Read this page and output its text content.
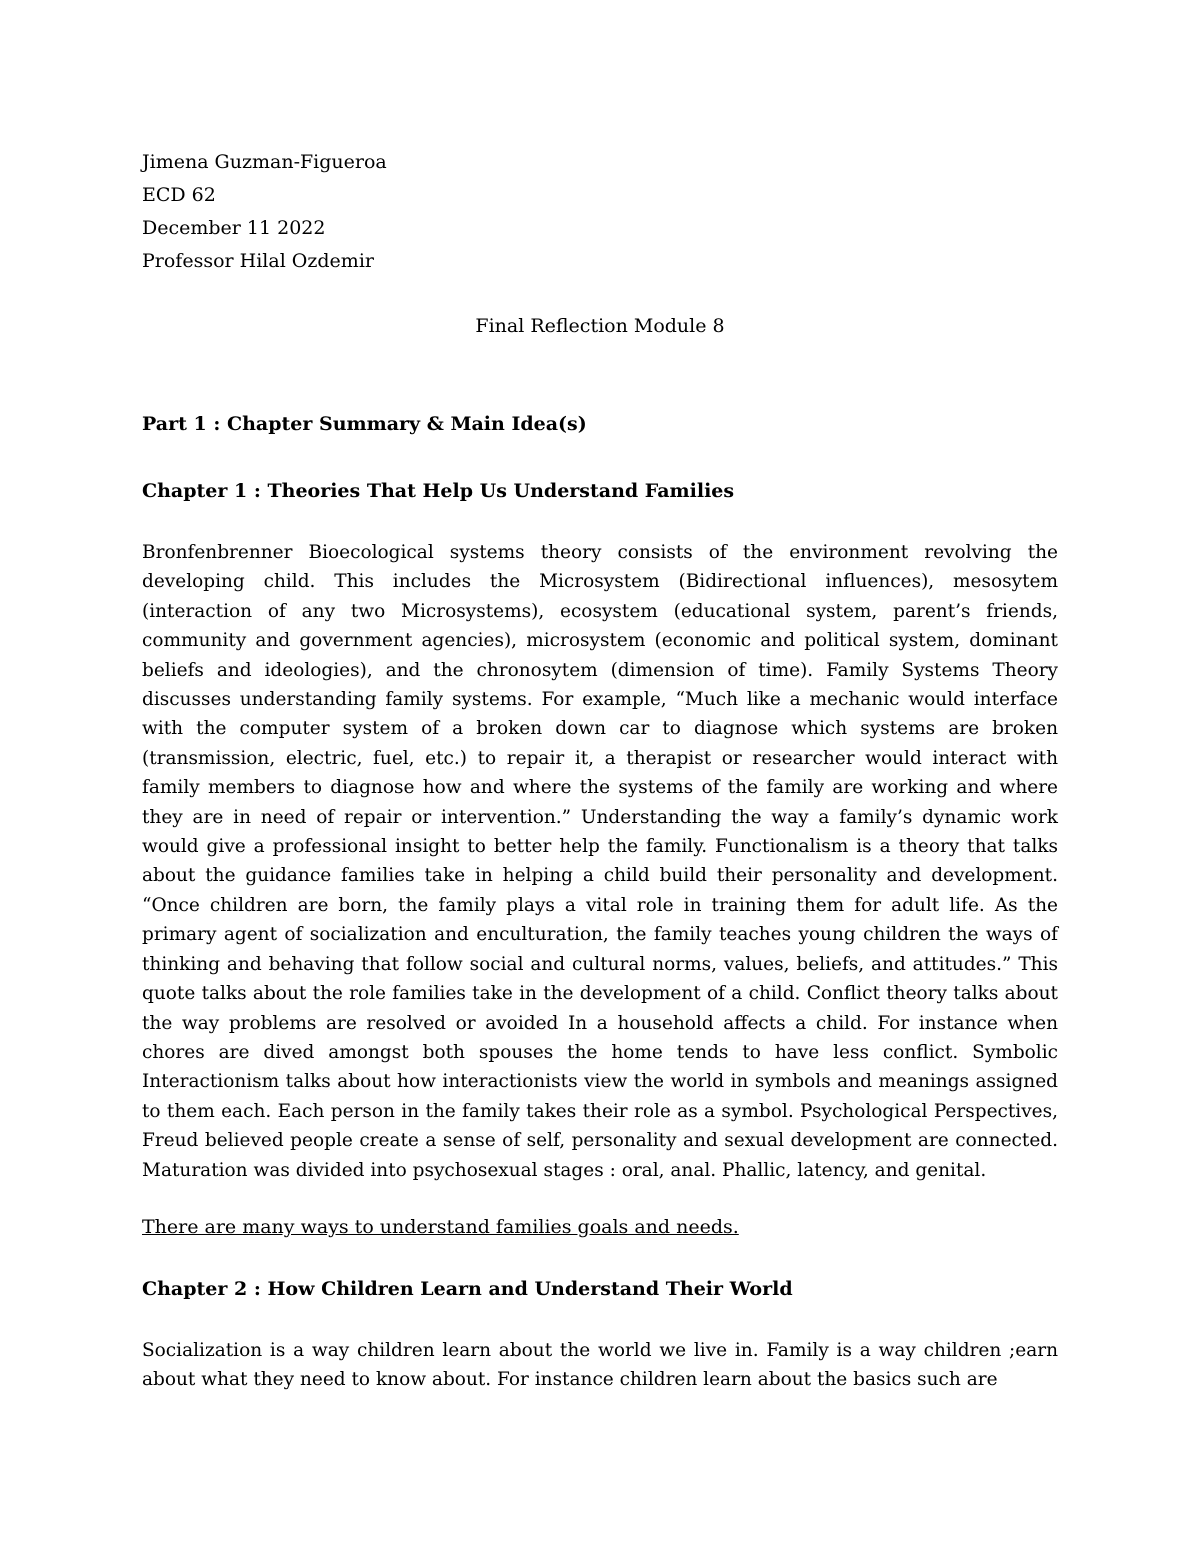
Jimena Guzman-Figueroa
ECD 62
December 11 2022
Professor Hilal Ozdemir
Final Reflection Module 8
Part 1 : Chapter Summary & Main Idea(s)
Chapter 1 : Theories That Help Us Understand Families

Bronfenbrenner Bioecological systems theory consists of the environment revolving the developing child. This includes the Microsystem (Bidirectional influences), mesosytem (interaction of any two Microsystems), ecosystem (educational system, parent’s friends, community and government agencies), microsystem (economic and political system, dominant beliefs and ideologies), and the chronosytem (dimension of time). Family Systems Theory discusses understanding family systems. For example, “Much like a mechanic would interface with the computer system of a broken down car to diagnose which systems are broken (transmission, electric, fuel, etc.) to repair it, a therapist or researcher would interact with family members to diagnose how and where the systems of the family are working and where they are in need of repair or intervention.” Understanding the way a family’s dynamic work would give a professional insight to better help the family. Functionalism is a theory that talks about the guidance families take in helping a child build their personality and development. “Once children are born, the family plays a vital role in training them for adult life. As the primary agent of socialization and enculturation, the family teaches young children the ways of thinking and behaving that follow social and cultural norms, values, beliefs, and attitudes.” This quote talks about the role families take in the development of a child. Conflict theory talks about the way problems are resolved or avoided In a household affects a child. For instance when chores are dived amongst both spouses the home tends to have less conflict. Symbolic Interactionism talks about how interactionists view the world in symbols and meanings assigned to them each. Each person in the family takes their role as a symbol. Psychological Perspectives, Freud believed people create a sense of self, personality and sexual development are connected. Maturation was divided into psychosexual stages : oral, anal. Phallic, latency, and genital.

There are many ways to understand families goals and needs.
Chapter 2 : How Children Learn and Understand Their World

Socialization is a way children learn about the world we live in. Family is a way children ;earn about what they need to know about. For instance children learn about the basics such are
